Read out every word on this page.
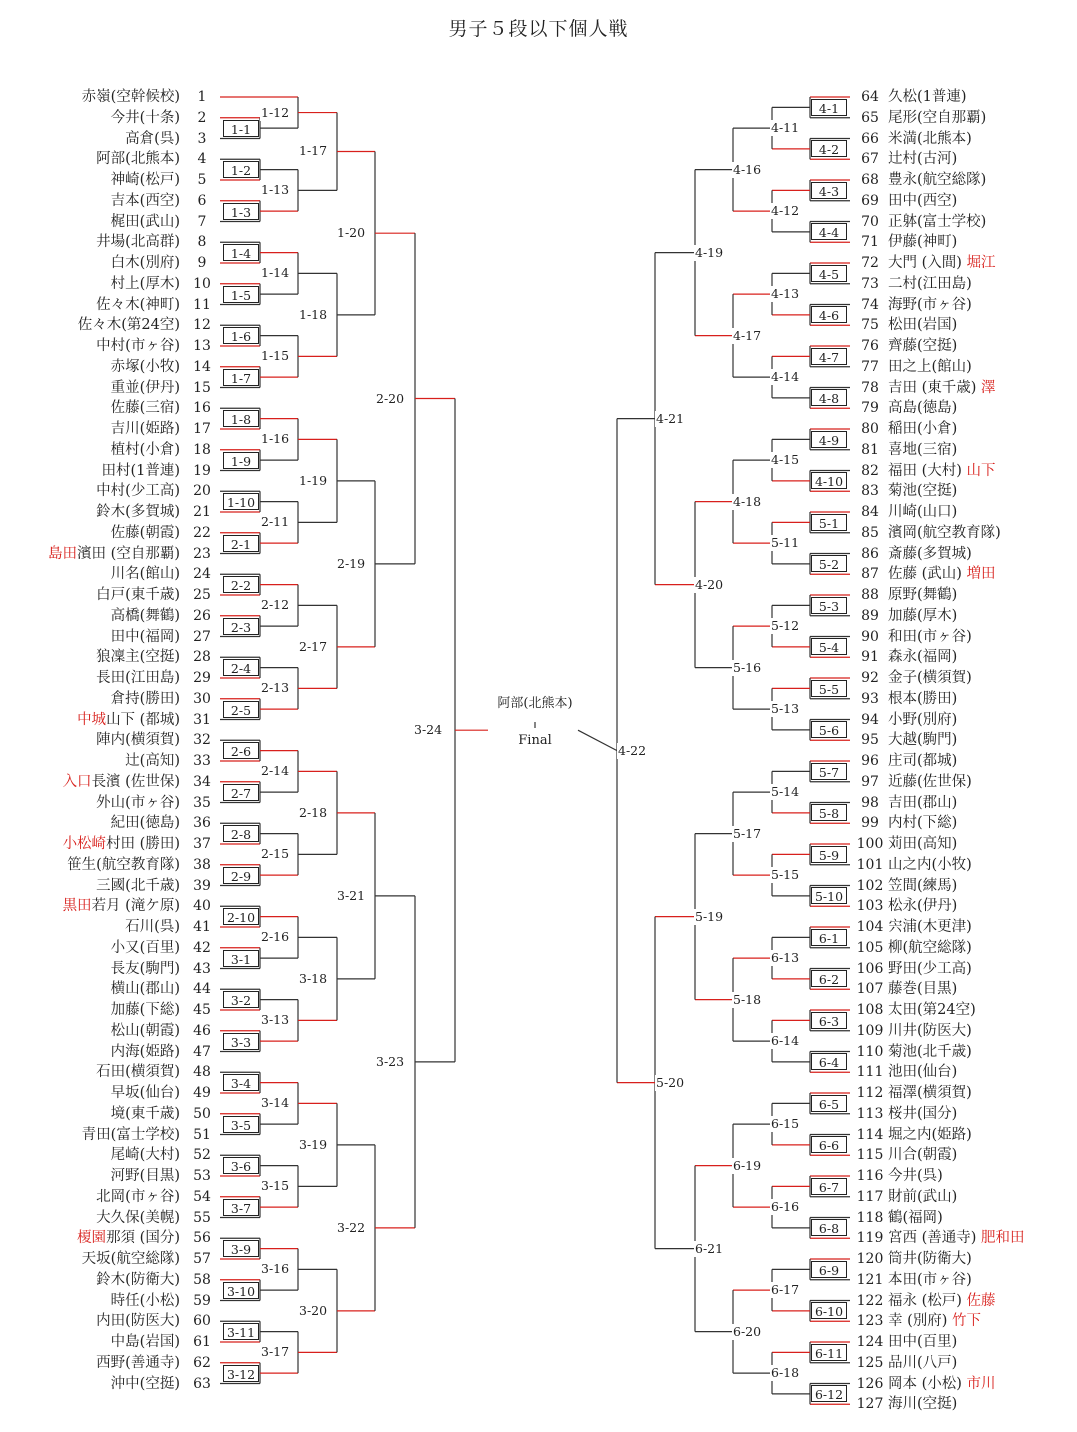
男子５段以下個人戦
1
赤嶺(空幹候校)
2
今井(十条)
3
高倉(呉)
4
阿部(北熊本)
5
神崎(松戸)
6
吉本(西空)
7
梶田(武山)
8
井場(北高群)
9
白木(別府)
10
村上(厚木)
11
佐々木(神町)
12
佐々木(第24空)
13
中村(市ヶ谷)
14
赤塚(小牧)
15
重並(伊丹)
16
佐藤(三宿)
17
吉川(姫路)
18
植村(小倉)
19
田村(1普連)
20
中村(少工高)
21
鈴木(多賀城)
22
佐藤(朝霞)
23
島田濱田 (空自那覇)
24
川名(館山)
25
白戸(東千歳)
26
高橋(舞鶴)
27
田中(福岡)
28
狼凜主(空挺)
29
長田(江田島)
30
倉持(勝田)
31
中城山下 (都城)
32
陣内(横須賀)
33
辻(高知)
34
入口長濱 (佐世保)
35
外山(市ヶ谷)
36
紀田(徳島)
37
小松崎村田 (勝田)
38
笹生(航空教育隊)
39
三國(北千歳)
40
黒田若月 (滝ケ原)
41
石川(呉)
42
小又(百里)
43
長友(駒門)
44
横山(郡山)
45
加藤(下総)
46
松山(朝霞)
47
内海(姫路)
48
石田(横須賀)
49
早坂(仙台)
50
境(東千歳)
51
青田(富士学校)
52
尾崎(大村)
53
河野(目黒)
54
北岡(市ヶ谷)
55
大久保(美幌)
56
榎園那須 (国分)
57
天坂(航空総隊)
58
鈴木(防衛大)
59
時任(小松)
60
内田(防医大)
61
中島(岩国)
62
西野(善通寺)
63
沖中(空挺)
64 久松(1普連)
65 尾形(空自那覇)
66 米満(北熊本)
67 辻村(古河)
68 豊永(航空総隊)
69 田中(西空)
70 正躰(富士学校)
71 伊藤(神町)
72 大門 (入間) 堀江
73 二村(江田島)
74 海野(市ヶ谷)
75 松田(岩国)
76 齊藤(空挺)
77 田之上(館山)
78 吉田 (東千歳) 澤
79 高島(徳島)
80 稲田(小倉)
81 喜地(三宿)
82 福田 (大村) 山下
83 菊池(空挺)
84 川崎(山口)
85 濱岡(航空教育隊)
86 斎藤(多賀城)
87 佐藤 (武山) 増田
88 原野(舞鶴)
89 加藤(厚木)
90 和田(市ヶ谷)
91 森永(福岡)
92 金子(横須賀)
93 根本(勝田)
94 小野(別府)
95 大越(駒門)
96 庄司(都城)
97 近藤(佐世保)
98 吉田(郡山)
99 内村(下総)
100 苅田(高知)
101 山之内(小牧)
102 笠間(練馬)
103 松永(伊丹)
104 宍浦(木更津)
105 柳(航空総隊)
106 野田(少工高)
107 藤巻(目黒)
108 太田(第24空)
109 川井(防医大)
110 菊池(北千歳)
111 池田(仙台)
112 福澤(横須賀)
113 桜井(国分)
114 堀之内(姫路)
115 川合(朝霞)
116 今井(呉)
117 財前(武山)
118 鶴(福岡)
119 宮西 (善通寺) 肥和田
120 筒井(防衛大)
121 本田(市ヶ谷)
122 福永 (松戸) 佐藤
123 幸 (別府) 竹下
124 田中(百里)
125 品川(八戸)
126 岡本 (小松) 市川
127 海川(空挺)
1-1
1-2
1-3
1-4
1-5
1-6
1-7
1-8
1-9
1-10
2-1
2-2
2-3
2-4
2-5
2-6
2-7
2-8
2-9
2-10
3-1
3-2
3-3
3-4
3-5
3-6
3-7
3-9
3-10
3-11
3-12
1-12
1-13
1-14
1-15
1-16
2-11
2-12
2-13
2-14
2-15
2-16
3-13
3-14
3-15
3-16
3-17
1-17
1-18
1-19
2-17
2-18
3-18
3-19
3-20
1-20
2-19
3-21
3-22
2-20
3-23
3-24
4-1
4-2
4-3
4-4
4-5
4-6
4-7
4-8
4-9
4-10
5-1
5-2
5-3
5-4
5-5
5-6
5-7
5-8
5-9
5-10
6-1
6-2
6-3
6-4
6-5
6-6
6-7
6-8
6-9
6-10
6-11
6-12
4-11
4-12
4-13
4-14
4-15
5-11
5-12
5-13
5-14
5-15
6-13
6-14
6-15
6-16
6-17
6-18
4-16
4-17
4-18
5-16
5-17
5-18
6-19
6-20
4-19
4-20
5-19
6-21
4-21
5-20
4-22
阿部(北熊本)
Final
